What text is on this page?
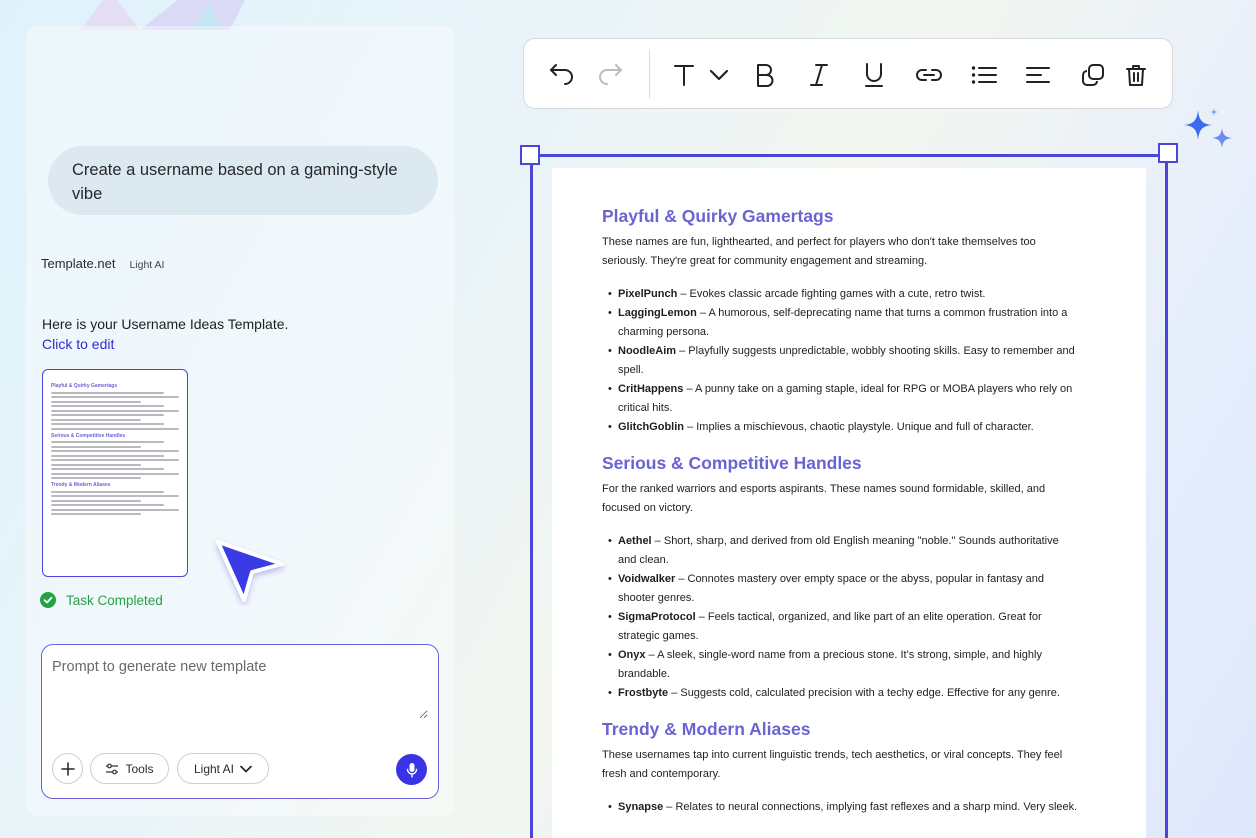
Create a username based on a gaming-style vibe
Template.net Light AI
Here is your Username Ideas Template.
Click to edit
Playful & Quirky Gamertags
Serious & Competitive Handles
Trendy & Modern Aliases
Task Completed
Prompt to generate new template
Tools	Light AI
Playful & Quirky Gamertags
These names are fun, lighthearted, and perfect for players who don't take themselves too seriously. They're great for community engagement and streaming.
• PixelPunch – Evokes classic arcade fighting games with a cute, retro twist.
• LaggingLemon – A humorous, self-deprecating name that turns a common frustration into a charming persona.
• NoodleAim – Playfully suggests unpredictable, wobbly shooting skills. Easy to remember and spell.
• CritHappens – A punny take on a gaming staple, ideal for RPG or MOBA players who rely on critical hits.
• GlitchGoblin – Implies a mischievous, chaotic playstyle. Unique and full of character.
Serious & Competitive Handles
For the ranked warriors and esports aspirants. These names sound formidable, skilled, and focused on victory.
• Aethel – Short, sharp, and derived from old English meaning "noble." Sounds authoritative and clean.
• Voidwalker – Connotes mastery over empty space or the abyss, popular in fantasy and shooter genres.
• SigmaProtocol – Feels tactical, organized, and like part of an elite operation. Great for strategic games.
• Onyx – A sleek, single-word name from a precious stone. It's strong, simple, and highly brandable.
• Frostbyte – Suggests cold, calculated precision with a techy edge. Effective for any genre.
Trendy & Modern Aliases
These usernames tap into current linguistic trends, tech aesthetics, or viral concepts. They feel fresh and contemporary.
• Synapse – Relates to neural connections, implying fast reflexes and a sharp mind. Very sleek.
